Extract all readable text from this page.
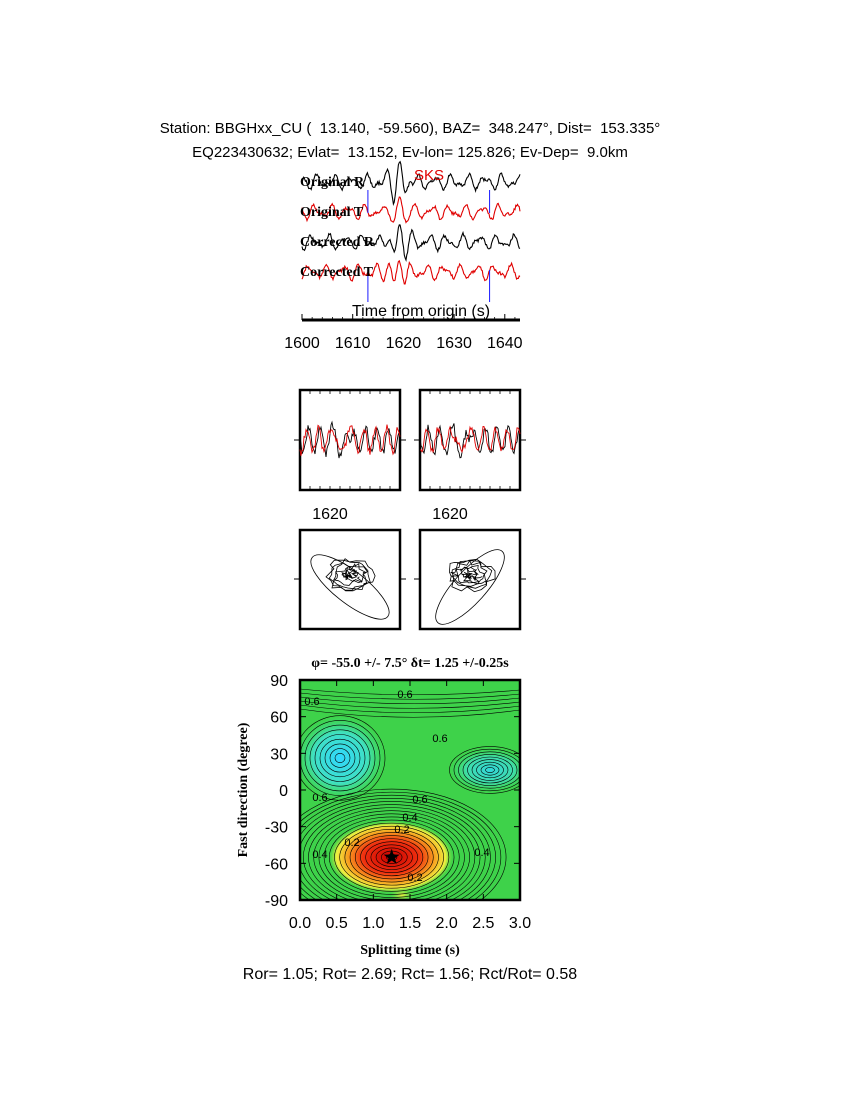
Station: BBGHxx_CU (  13.140,  -59.560), BAZ=  348.247°, Dist=  153.335°
EQ223430632; Evlat=  13.152, Ev-lon= 125.826; Ev-Dep=  9.0km
Original R
Original T
Corrected R
Corrected T
SKS
Time from origin (s)
1600 1610 1620 1630 1640
1620	1620
φ= -55.0 +/- 7.5° δt= 1.25 +/-0.25s
0.0 0.5 1.0 1.5 2.0 2.5 3.0
90
60
30
0
-30
-60
-90
0.6
0.6
0.6
0.6	0.6
0.4
0.2
0.2
0.2
0.4	0.4
Splitting time (s)
Fast direction (degree)
Ror= 1.05; Rot= 2.69; Rct= 1.56; Rct/Rot= 0.58
